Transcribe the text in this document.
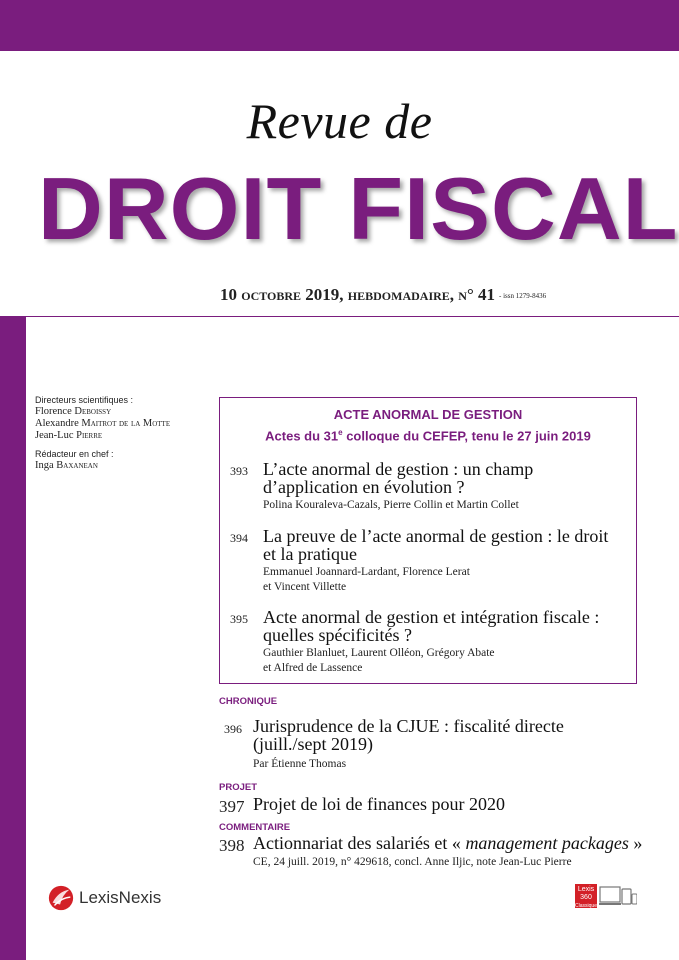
Revue de
DROIT FISCAL
10 octobre 2019, hebdomadaire, n° 41 - issn 1279-8436
Directeurs scientifiques :
Florence Deboissy
Alexandre Maitrot de la Motte
Jean-Luc Pierre
Rédacteur en chef :
Inga Baxanean
ACTE ANORMAL DE GESTION
Actes du 31e colloque du CEFEP, tenu le 27 juin 2019
393 L’acte anormal de gestion : un champ
d’application en évolution ?
Polina Kouraleva-Cazals, Pierre Collin et Martin Collet
394 La preuve de l’acte anormal de gestion : le droit
et la pratique
Emmanuel Joannard-Lardant, Florence Lerat
et Vincent Villette
395 Acte anormal de gestion et intégration fiscale :
quelles spécificités ?
Gauthier Blanluet, Laurent Olléon, Grégory Abate
et Alfred de Lassence
CHRONIQUE
396 Jurisprudence de la CJUE : fiscalité directe
(juill./sept 2019)
Par Étienne Thomas
PROJET
397 Projet de loi de finances pour 2020
COMMENTAIRE
398 Actionnariat des salariés et « management packages »
CE, 24 juill. 2019, n° 429618, concl. Anne Iljic, note Jean-Luc Pierre
LexisNexis	Lexis
360
Classique
